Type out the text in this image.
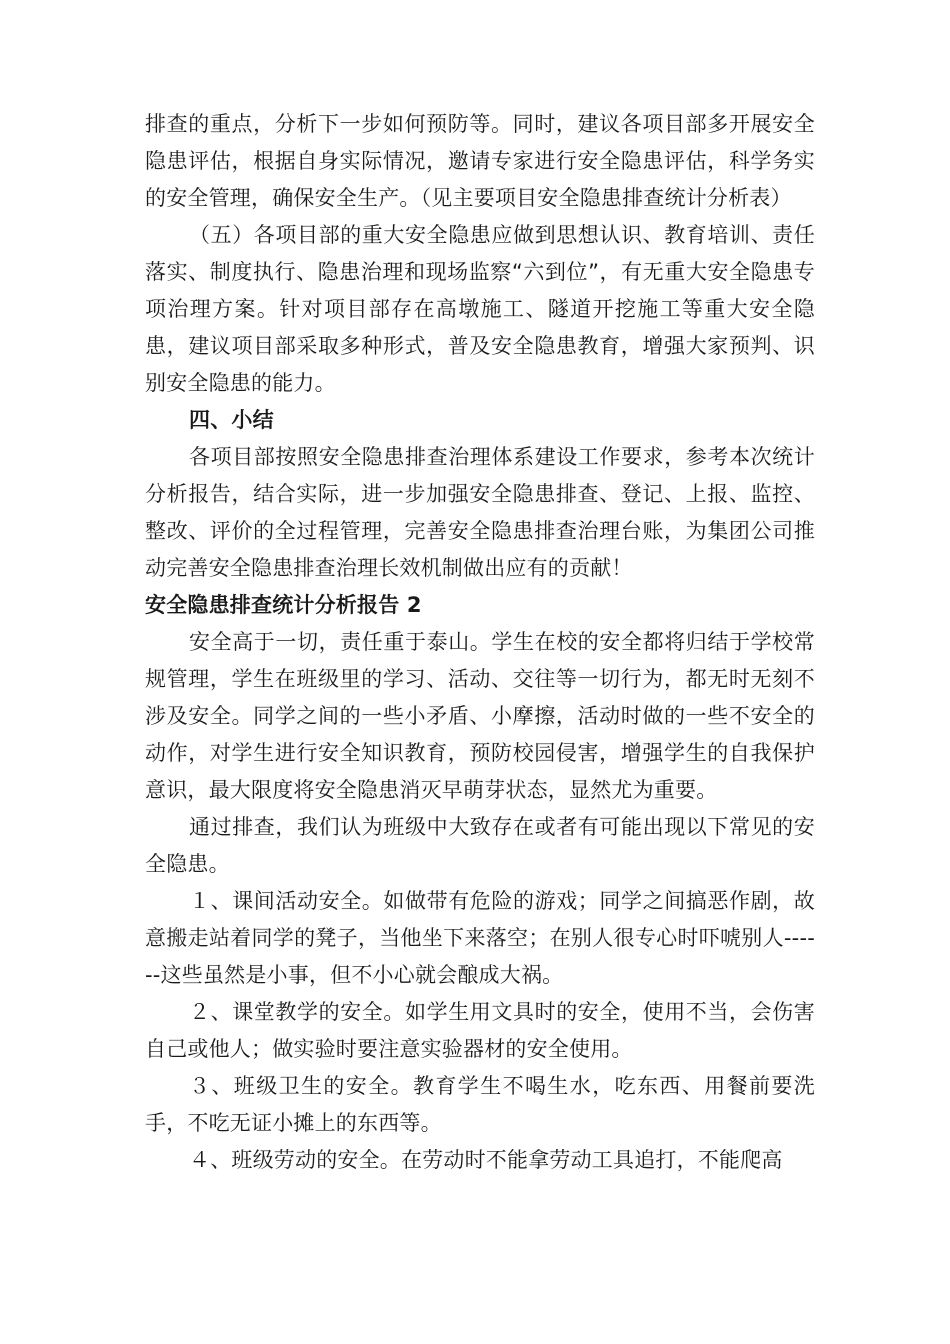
排查的重点，分析下一步如何预防等。同时，建议各项目部多开展安全隐患评估，根据自身实际情况，邀请专家进行安全隐患评估，科学务实的安全管理，确保安全生产。（见主要项目安全隐患排查统计分析表）

（五）各项目部的重大安全隐患应做到思想认识、教育培训、责任落实、制度执行、隐患治理和现场监察“六到位”，有无重大安全隐患专项治理方案。针对项目部存在高墩施工、隧道开挖施工等重大安全隐患，建议项目部采取多种形式，普及安全隐患教育，增强大家预判、识别安全隐患的能力。

四、小结

各项目部按照安全隐患排查治理体系建设工作要求，参考本次统计分析报告，结合实际，进一步加强安全隐患排查、登记、上报、监控、整改、评价的全过程管理，完善安全隐患排查治理台账，为集团公司推动完善安全隐患排查治理长效机制做出应有的贡献！

安全隐患排查统计分析报告 2

安全高于一切，责任重于泰山。学生在校的安全都将归结于学校常规管理，学生在班级里的学习、活动、交往等一切行为，都无时无刻不涉及安全。同学之间的一些小矛盾、小摩擦，活动时做的一些不安全的动作，对学生进行安全知识教育，预防校园侵害，增强学生的自我保护意识，最大限度将安全隐患消灭早萌芽状态，显然尤为重要。

通过排查，我们认为班级中大致存在或者有可能出现以下常见的安全隐患。

１、课间活动安全。如做带有危险的游戏；同学之间搞恶作剧，故意搬走站着同学的凳子，当他坐下来落空；在别人很专心时吓唬别人------这些虽然是小事，但不小心就会酿成大祸。

２、课堂教学的安全。如学生用文具时的安全，使用不当，会伤害自己或他人；做实验时要注意实验器材的安全使用。

３、班级卫生的安全。教育学生不喝生水，吃东西、用餐前要洗手，不吃无证小摊上的东西等。

４、班级劳动的安全。在劳动时不能拿劳动工具追打，不能爬高
